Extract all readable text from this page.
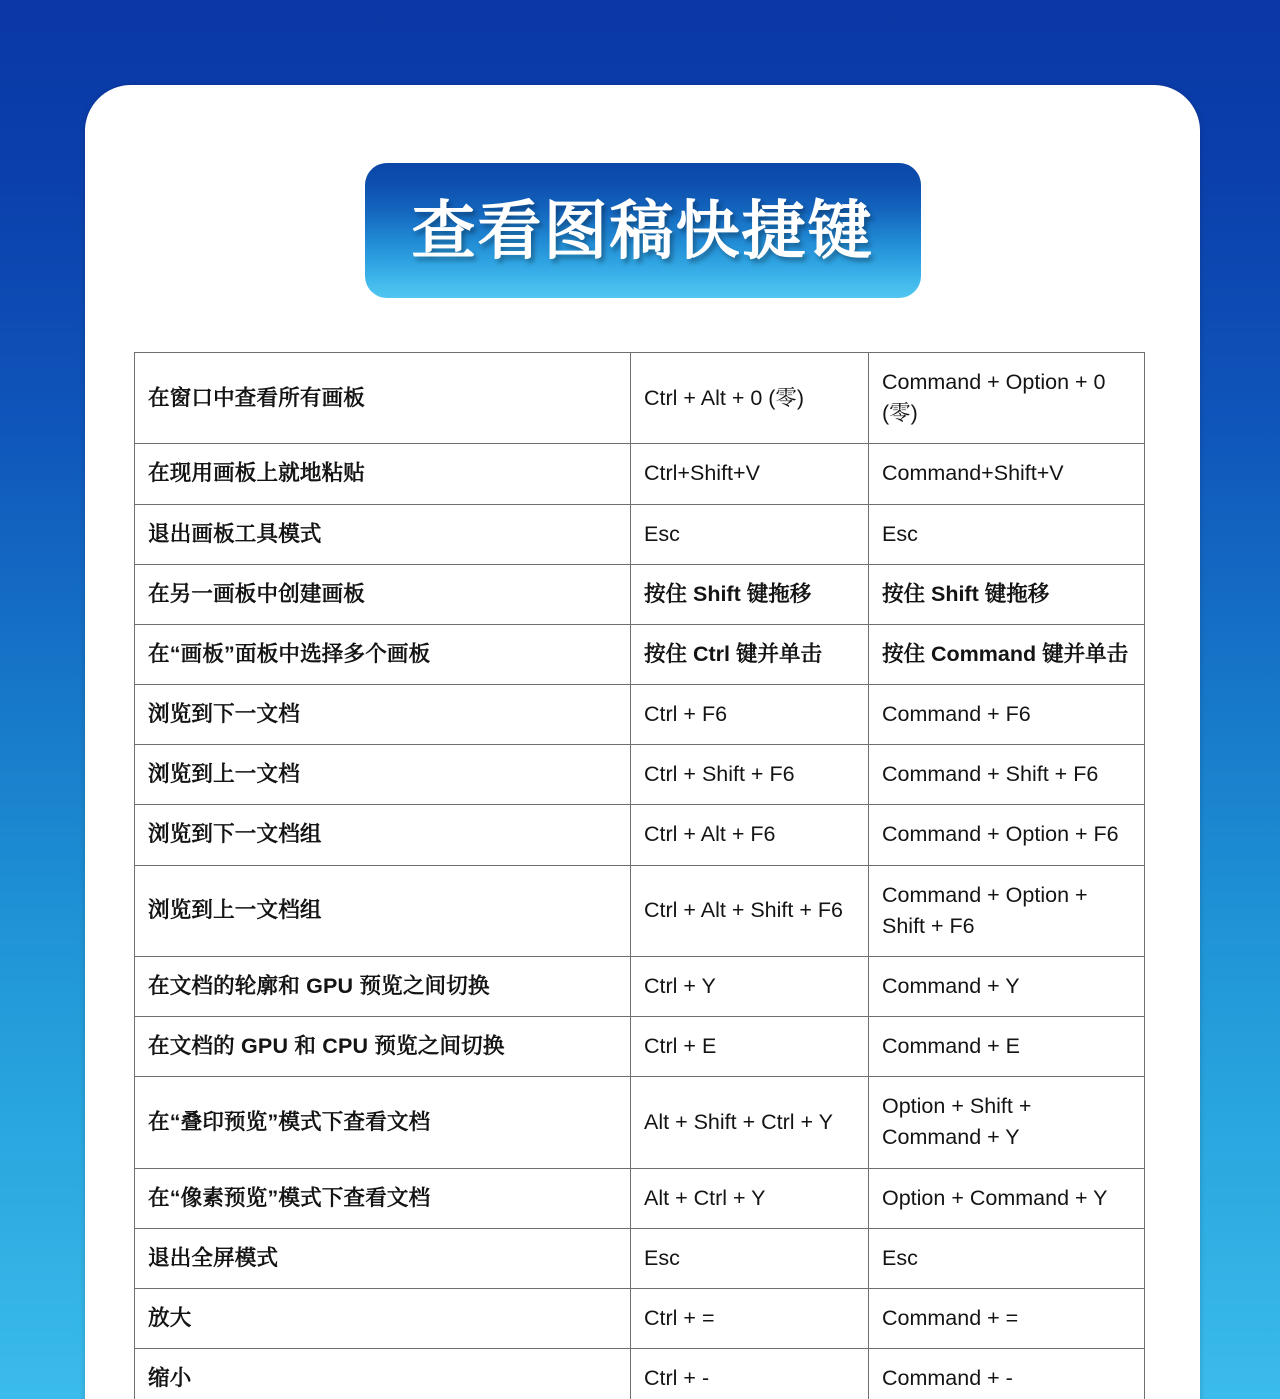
查看图稿快捷键
在窗口中查看所有画板	Ctrl + Alt + 0 (零)	Command + Option + 0 (零)
在现用画板上就地粘贴	Ctrl+Shift+V	Command+Shift+V
退出画板工具模式	Esc	Esc
在另一画板中创建画板	按住 Shift 键拖移	按住 Shift 键拖移
在“画板”面板中选择多个画板	按住 Ctrl 键并单击	按住 Command 键并单击
浏览到下一文档	Ctrl + F6	Command + F6
浏览到上一文档	Ctrl + Shift + F6	Command + Shift + F6
浏览到下一文档组	Ctrl + Alt + F6	Command + Option + F6
浏览到上一文档组	Ctrl + Alt + Shift + F6	Command + Option + Shift + F6
在文档的轮廓和 GPU 预览之间切换	Ctrl + Y	Command + Y
在文档的 GPU 和 CPU 预览之间切换	Ctrl + E	Command + E
在“叠印预览”模式下查看文档	Alt + Shift + Ctrl + Y	Option + Shift + Command + Y
在“像素预览”模式下查看文档	Alt + Ctrl + Y	Option + Command + Y
退出全屏模式	Esc	Esc
放大	Ctrl + =	Command + =
缩小	Ctrl + -	Command + -
